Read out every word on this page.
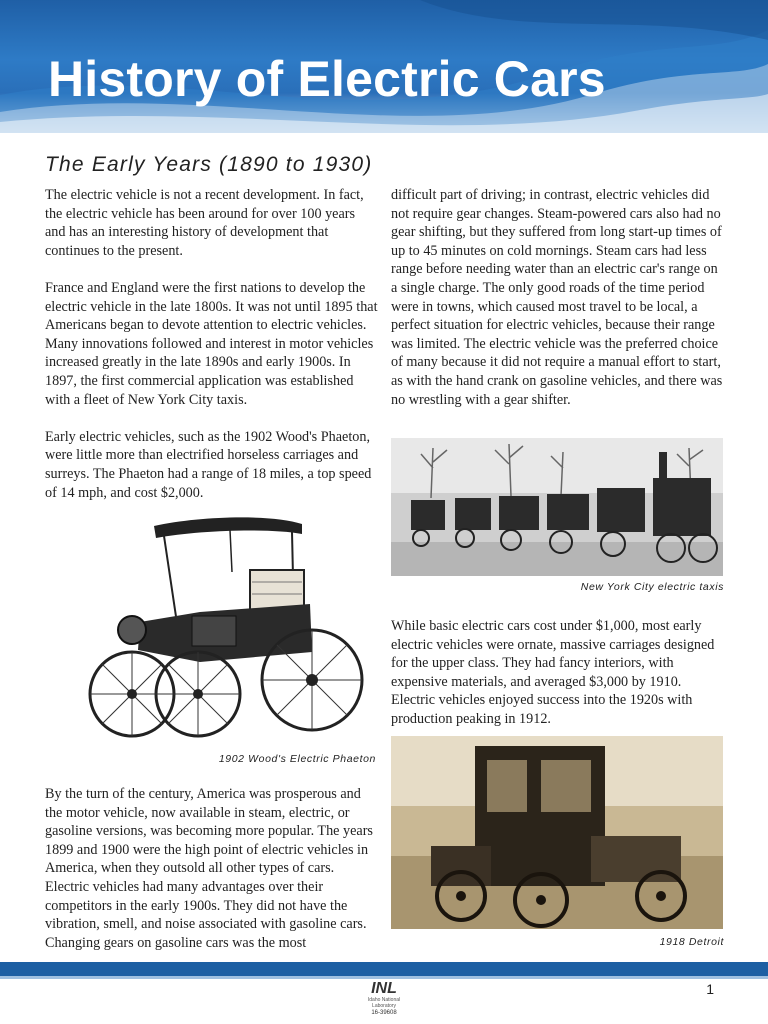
History of Electric Cars
The Early Years (1890 to 1930)

The electric vehicle is not a recent development. In fact, the electric vehicle has been around for over 100 years and has an interesting history of development that continues to the present.

France and England were the first nations to develop the electric vehicle in the late 1800s. It was not until 1895 that Americans began to devote attention to electric vehicles. Many innovations followed and interest in motor vehicles increased greatly in the late 1890s and early 1900s. In 1897, the first commercial application was established with a fleet of New York City taxis.

Early electric vehicles, such as the 1902 Wood's Phaeton, were little more than electrified horseless carriages and surreys. The Phaeton had a range of 18 miles, a top speed of 14 mph, and cost $2,000.

1902 Wood's Electric Phaeton

By the turn of the century, America was prosperous and the motor vehicle, now available in steam, electric, or gasoline versions, was becoming more popular. The years 1899 and 1900 were the high point of electric vehicles in America, when they outsold all other types of cars. Electric vehicles had many advantages over their competitors in the early 1900s. They did not have the vibration, smell, and noise associated with gasoline cars. Changing gears on gasoline cars was the most

difficult part of driving; in contrast, electric vehicles did not require gear changes. Steam-powered cars also had no gear shifting, but they suffered from long start-up times of up to 45 minutes on cold mornings. Steam cars had less range before needing water than an electric car's range on a single charge. The only good roads of the time period were in towns, which caused most travel to be local, a perfect situation for electric vehicles, because their range was limited. The electric vehicle was the preferred choice of many because it did not require a manual effort to start, as with the hand crank on gasoline vehicles, and there was no wrestling with a gear shifter.

New York City electric taxis

While basic electric cars cost under $1,000, most early electric vehicles were ornate, massive carriages designed for the upper class. They had fancy interiors, with expensive materials, and averaged $3,000 by 1910. Electric vehicles enjoyed success into the 1920s with production peaking in 1912.

1918 Detroit
INL
Idaho National Laboratory
16-39608
1
